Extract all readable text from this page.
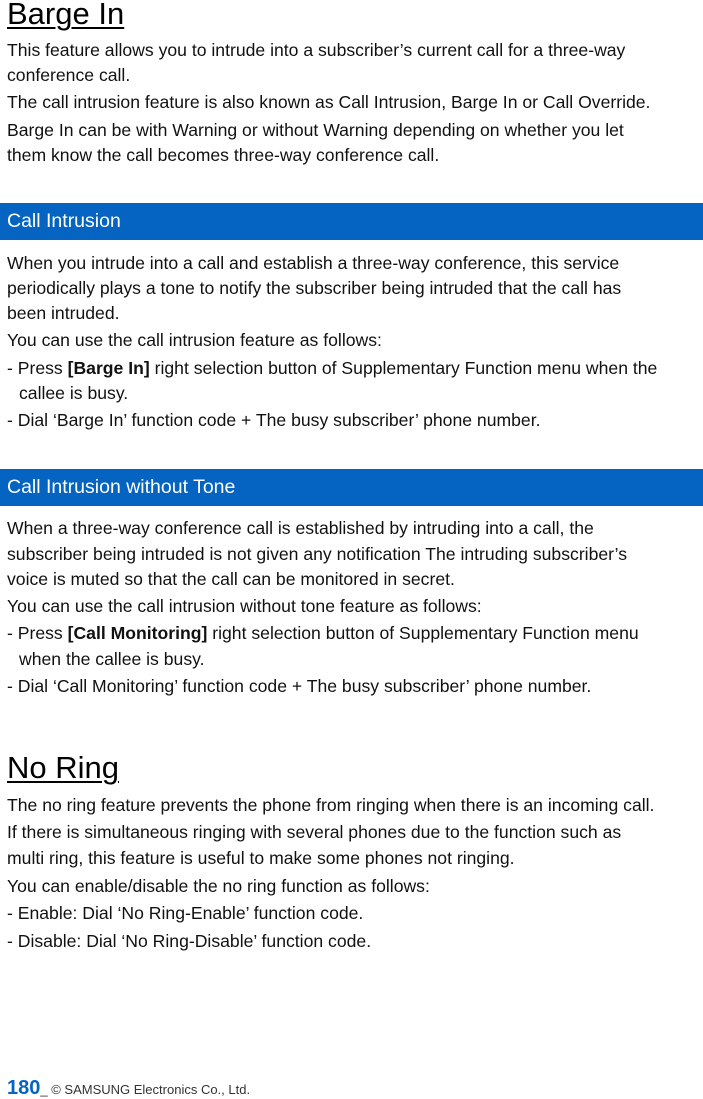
Barge In
This feature allows you to intrude into a subscriber’s current call for a three-way
conference call.
The call intrusion feature is also known as Call Intrusion, Barge In or Call Override.
Barge In can be with Warning or without Warning depending on whether you let
them know the call becomes three-way conference call.
Call Intrusion
When you intrude into a call and establish a three-way conference, this service
periodically plays a tone to notify the subscriber being intruded that the call has
been intruded.
You can use the call intrusion feature as follows:
- Press [Barge In] right selection button of Supplementary Function menu when the
callee is busy.
- Dial ‘Barge In’ function code + The busy subscriber’ phone number.
Call Intrusion without Tone
When a three-way conference call is established by intruding into a call, the
subscriber being intruded is not given any notification The intruding subscriber’s
voice is muted so that the call can be monitored in secret.
You can use the call intrusion without tone feature as follows:
- Press [Call Monitoring] right selection button of Supplementary Function menu
when the callee is busy.
- Dial ‘Call Monitoring’ function code + The busy subscriber’ phone number.
No Ring
The no ring feature prevents the phone from ringing when there is an incoming call.
If there is simultaneous ringing with several phones due to the function such as
multi ring, this feature is useful to make some phones not ringing.
You can enable/disable the no ring function as follows:
- Enable: Dial ‘No Ring-Enable’ function code.
- Disable: Dial ‘No Ring-Disable’ function code.
180_ © SAMSUNG Electronics Co., Ltd.
